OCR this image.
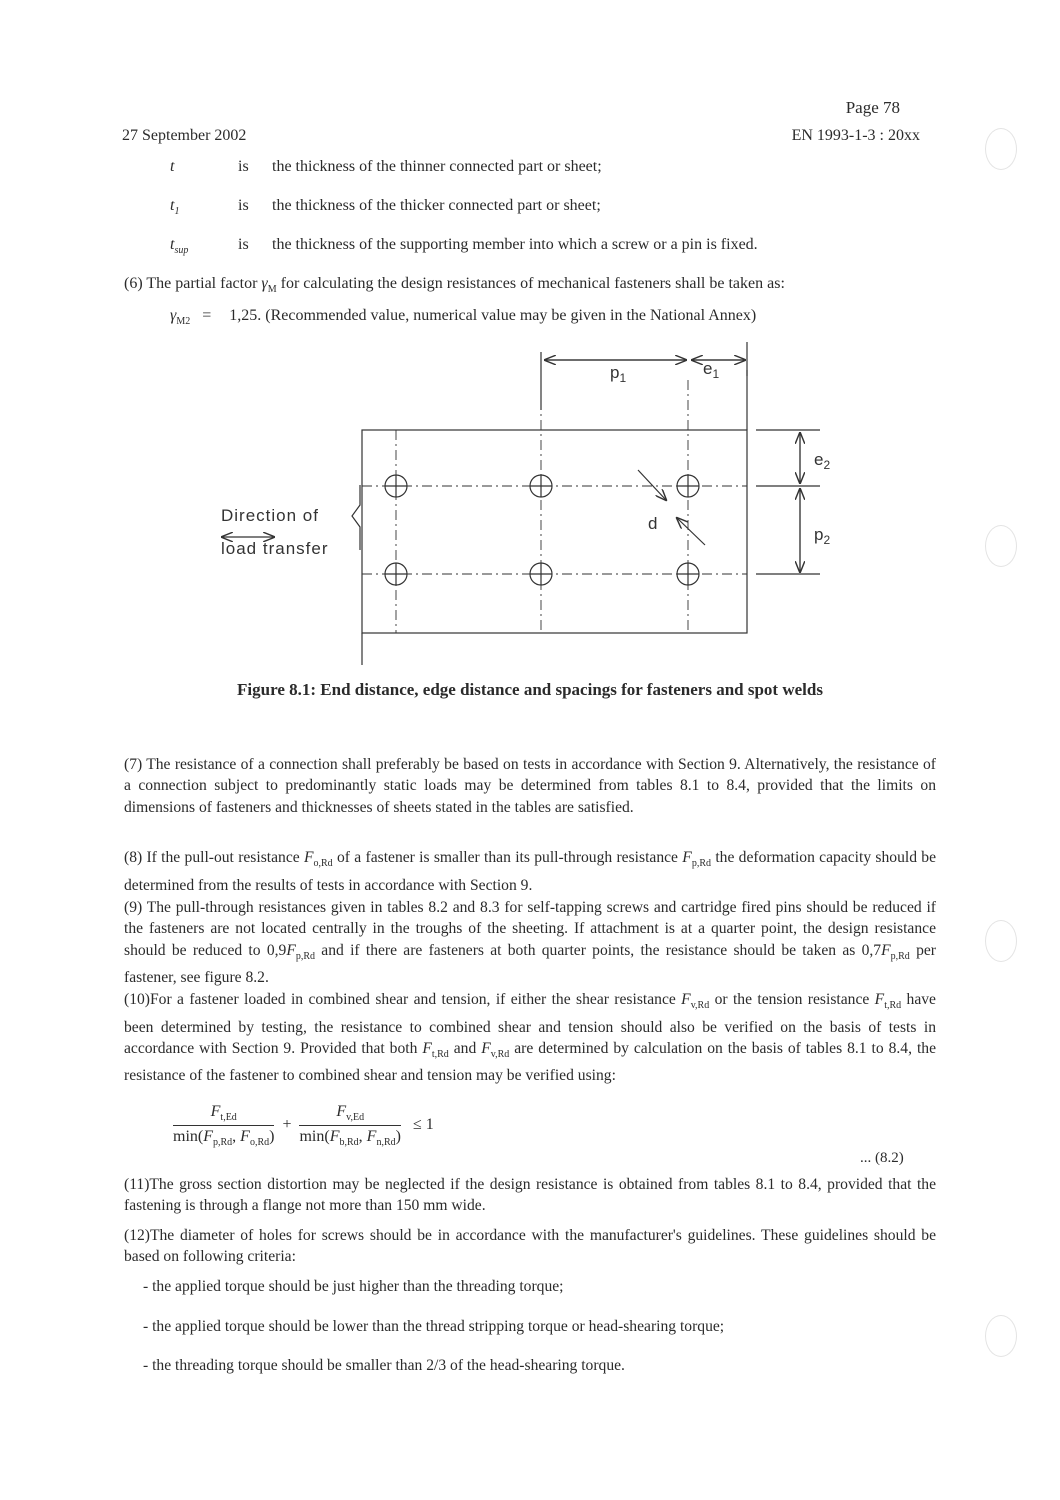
Page 78
27 September 2002	EN 1993-1-3 : 20xx
t	is the thickness of the thinner connected part or sheet;
$t_1$	is the thickness of the thicker connected part or sheet;
$t_{sup}$	is the thickness of the supporting member into which a screw or a pin is fixed.
(6) The partial factor $\gamma_M$ for calculating the design resistances of mechanical fasteners shall be taken as:
$\gamma_{M2} = 1,25$. (Recommended value, numerical value may be given in the National Annex)
$p_1$	$e_1$
$e_2$
$p_2$
d
Direction of
load transfer
Figure 8.1: End distance, edge distance and spacings for fasteners and spot welds
(7) The resistance of a connection shall preferably be based on tests in accordance with Section 9. Alternatively, the resistance of a connection subject to predominantly static loads may be determined from tables 8.1 to 8.4, provided that the limits on dimensions of fasteners and thicknesses of sheets stated in the tables are satisfied.
(8) If the pull-out resistance $F_{o,Rd}$ of a fastener is smaller than its pull-through resistance $F_{p,Rd}$ the deformation capacity should be determined from the results of tests in accordance with Section 9.
(9) The pull-through resistances given in tables 8.2 and 8.3 for self-tapping screws and cartridge fired pins should be reduced if the fasteners are not located centrally in the troughs of the sheeting. If attachment is at a quarter point, the design resistance should be reduced to $0,9F_{p,Rd}$ and if there are fasteners at both quarter points, the resistance should be taken as $0,7F_{p,Rd}$ per fastener, see figure 8.2.
(10)For a fastener loaded in combined shear and tension, if either the shear resistance $F_{v,Rd}$ or the tension resistance $F_{t,Rd}$ have been determined by testing, the resistance to combined shear and tension should also be verified on the basis of tests in accordance with Section 9. Provided that both $F_{t,Rd}$ and $F_{v,Rd}$ are determined by calculation on the basis of tables 8.1 to 8.4, the resistance of the fastener to combined shear and tension may be verified using:
$\frac{F_{t,Ed}}{\min(F_{p,Rd}, F_{o,Rd})} + \frac{F_{v,Ed}}{\min(F_{b,Rd}, F_{n,Rd})} \le 1$
... (8.2)
(11)The gross section distortion may be neglected if the design resistance is obtained from tables 8.1 to 8.4, provided that the fastening is through a flange not more than 150 mm wide.
(12)The diameter of holes for screws should be in accordance with the manufacturer's guidelines. These guidelines should be based on following criteria:
- the applied torque should be just higher than the threading torque;
- the applied torque should be lower than the thread stripping torque or head-shearing torque;
- the threading torque should be smaller than 2/3 of the head-shearing torque.
